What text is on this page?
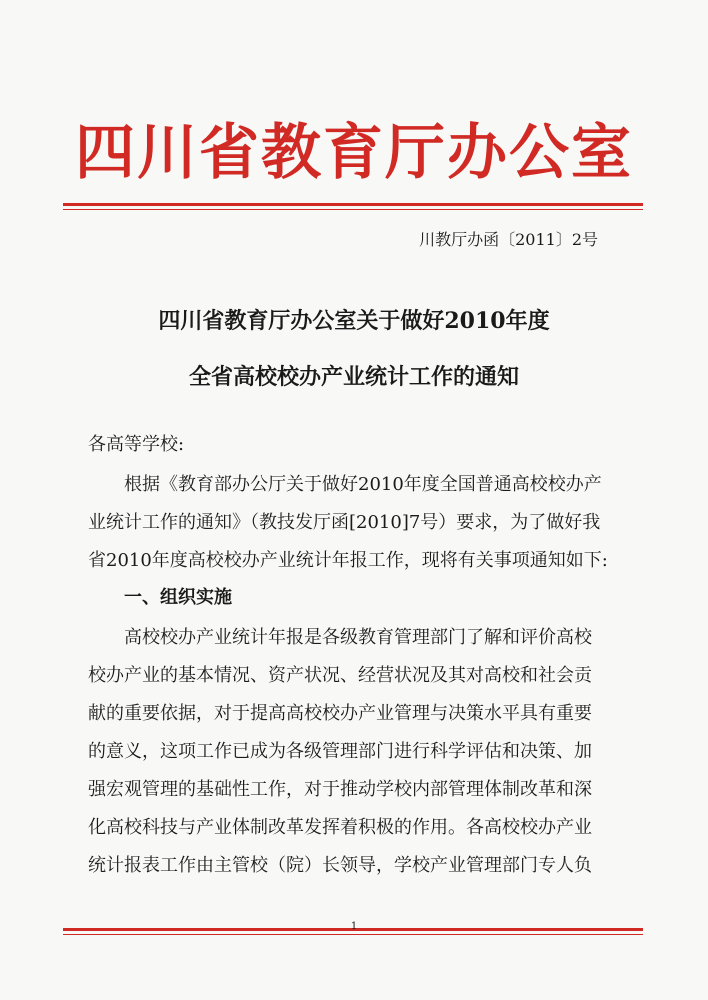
四川省教育厅办公室
川教厅办函〔2011〕2号
四川省教育厅办公室关于做好2010年度
全省高校校办产业统计工作的通知
各高等学校:
根据《教育部办公厅关于做好2010年度全国普通高校校办产
业统计工作的通知》（教技发厅函[2010]7号）要求，为了做好我
省2010年度高校校办产业统计年报工作，现将有关事项通知如下:
一、组织实施
高校校办产业统计年报是各级教育管理部门了解和评价高校
校办产业的基本情况、资产状况、经营状况及其对高校和社会贡
献的重要依据，对于提高高校校办产业管理与决策水平具有重要
的意义，这项工作已成为各级管理部门进行科学评估和决策、加
强宏观管理的基础性工作，对于推动学校内部管理体制改革和深
化高校科技与产业体制改革发挥着积极的作用。各高校校办产业
统计报表工作由主管校（院）长领导，学校产业管理部门专人负
1
